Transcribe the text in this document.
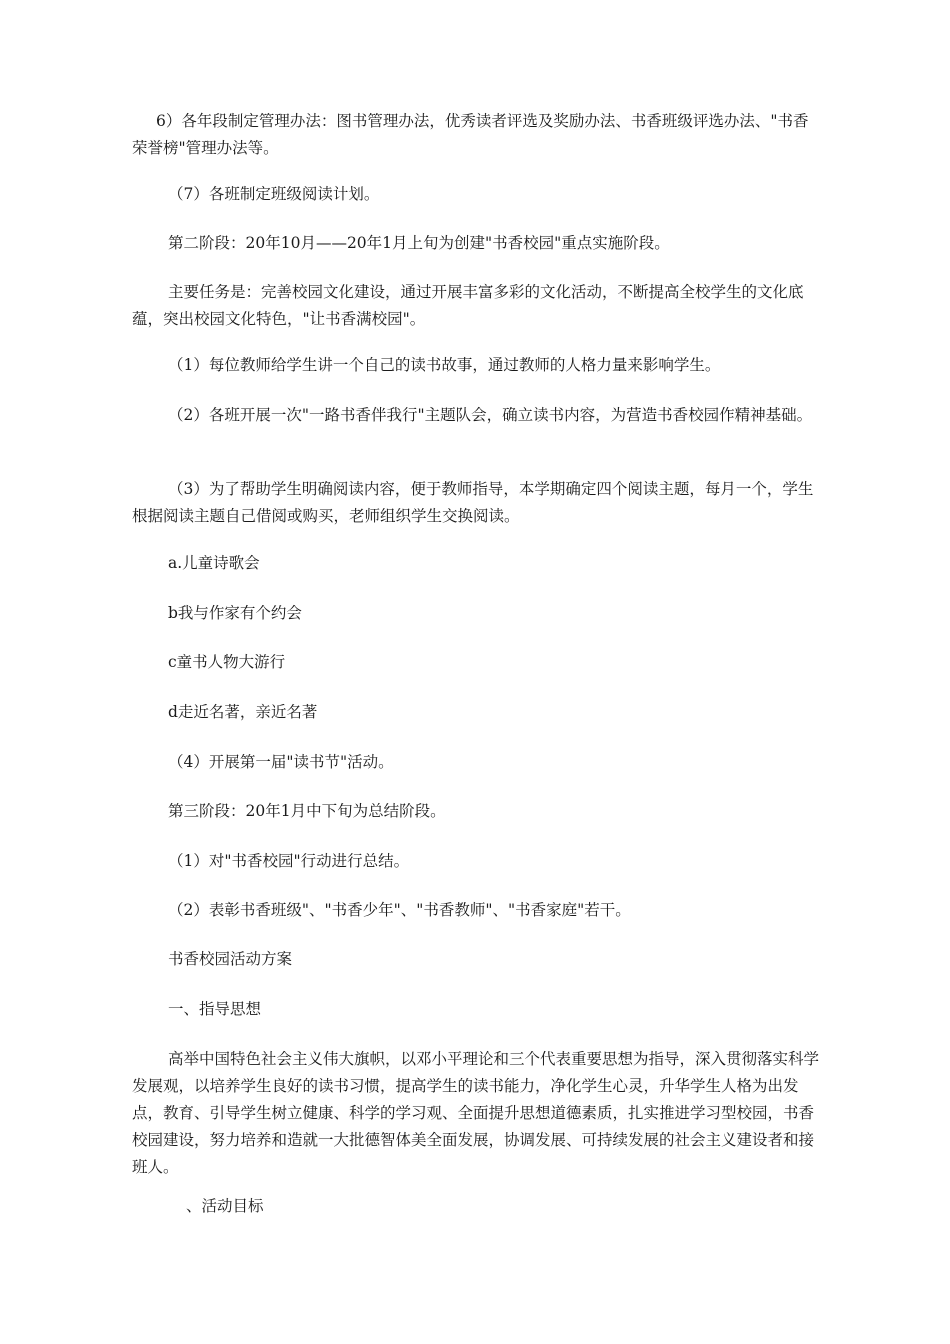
6）各年段制定管理办法：图书管理办法，优秀读者评选及奖励办法、书香班级评选办法、"书香荣誉榜"管理办法等。

（7）各班制定班级阅读计划。

第二阶段：20年10月——20年1月上旬为创建"书香校园"重点实施阶段。

主要任务是：完善校园文化建设，通过开展丰富多彩的文化活动，不断提高全校学生的文化底蕴，突出校园文化特色，"让书香满校园"。

（1）每位教师给学生讲一个自己的读书故事，通过教师的人格力量来影响学生。

（2）各班开展一次"一路书香伴我行"主题队会，确立读书内容，为营造书香校园作精神基础。

（3）为了帮助学生明确阅读内容，便于教师指导，本学期确定四个阅读主题，每月一个，学生根据阅读主题自己借阅或购买，老师组织学生交换阅读。

a.儿童诗歌会

b我与作家有个约会

c童书人物大游行

d走近名著，亲近名著

（4）开展第一届"读书节"活动。

第三阶段：20年1月中下旬为总结阶段。

（1）对"书香校园"行动进行总结。

（2）表彰书香班级"、"书香少年"、"书香教师"、"书香家庭"若干。

书香校园活动方案

一、指导思想

高举中国特色社会主义伟大旗帜，以邓小平理论和三个代表重要思想为指导，深入贯彻落实科学发展观，以培养学生良好的读书习惯，提高学生的读书能力，净化学生心灵，升华学生人格为出发点，教育、引导学生树立健康、科学的学习观、全面提升思想道德素质，扎实推进学习型校园，书香校园建设，努力培养和造就一大批德智体美全面发展，协调发展、可持续发展的社会主义建设者和接班人。

、活动目标
